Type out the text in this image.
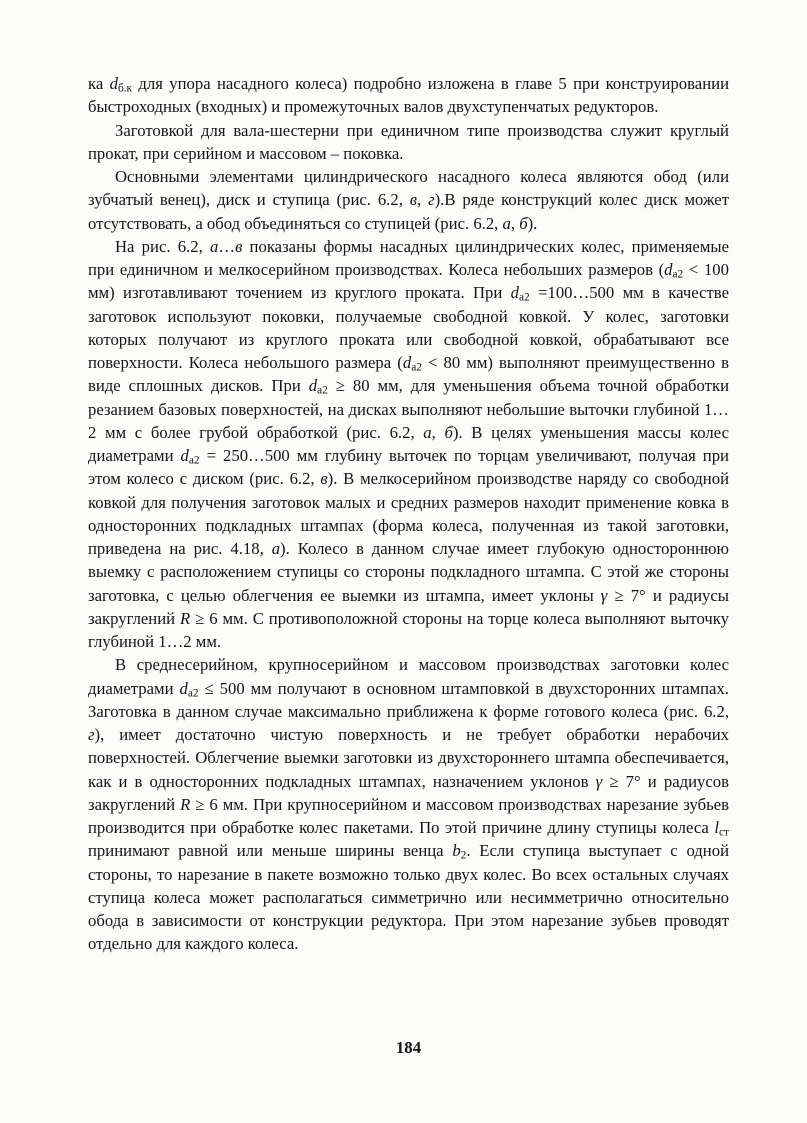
ка $d_{б.к}$ для упора насадного колеса) подробно изложена в главе 5 при конструировании быстроходных (входных) и промежуточных валов двухступенчатых редукторов.

Заготовкой для вала-шестерни при единичном типе производства служит круглый прокат, при серийном и массовом – поковка.

Основными элементами цилиндрического насадного колеса являются обод (или зубчатый венец), диск и ступица (рис. 6.2, в, г).В ряде конструкций колес диск может отсутствовать, а обод объединяться со ступицей (рис. 6.2, а, б).

На рис. 6.2, а…в показаны формы насадных цилиндрических колес, применяемые при единичном и мелкосерийном производствах. Колеса небольших размеров ($d_{а2} < 100$ мм) изготавливают точением из круглого проката. При $d_{а2}$ =100…500 мм в качестве заготовок используют поковки, получаемые свободной ковкой. У колес, заготовки которых получают из круглого проката или свободной ковкой, обрабатывают все поверхности. Колеса небольшого размера ($d_{а2} < 80$ мм) выполняют преимущественно в виде сплошных дисков. При $d_{а2} \ge 80$ мм, для уменьшения объема точной обработки резанием базовых поверхностей, на дисках выполняют небольшие выточки глубиной 1…2 мм с более грубой обработкой (рис. 6.2, а, б). В целях уменьшения массы колес диаметрами $d_{а2}$ = 250…500 мм глубину выточек по торцам увеличивают, получая при этом колесо с диском (рис. 6.2, в). В мелкосерийном производстве наряду со свободной ковкой для получения заготовок малых и средних размеров находит применение ковка в односторонних подкладных штампах (форма колеса, полученная из такой заготовки, приведена на рис. 4.18, а). Колесо в данном случае имеет глубокую одностороннюю выемку с расположением ступицы со стороны подкладного штампа. С этой же стороны заготовка, с целью облегчения ее выемки из штампа, имеет уклоны γ ≥ 7° и радиусы закруглений R ≥ 6 мм. С противоположной стороны на торце колеса выполняют выточку глубиной 1…2 мм.

В среднесерийном, крупносерийном и массовом производствах заготовки колес диаметрами $d_{а2} \le 500$ мм получают в основном штамповкой в двухсторонних штампах. Заготовка в данном случае максимально приближена к форме готового колеса (рис. 6.2, г), имеет достаточно чистую поверхность и не требует обработки нерабочих поверхностей. Облегчение выемки заготовки из двухстороннего штампа обеспечивается, как и в односторонних подкладных штампах, назначением уклонов γ ≥ 7° и радиусов закруглений R ≥ 6 мм. При крупносерийном и массовом производствах нарезание зубьев производится при обработке колес пакетами. По этой причине длину ступицы колеса $l_{ст}$ принимают равной или меньше ширины венца $b_2$. Если ступица выступает с одной стороны, то нарезание в пакете возможно только двух колес. Во всех остальных случаях ступица колеса может располагаться симметрично или несимметрично относительно обода в зависимости от конструкции редуктора. При этом нарезание зубьев проводят отдельно для каждого колеса.

184
